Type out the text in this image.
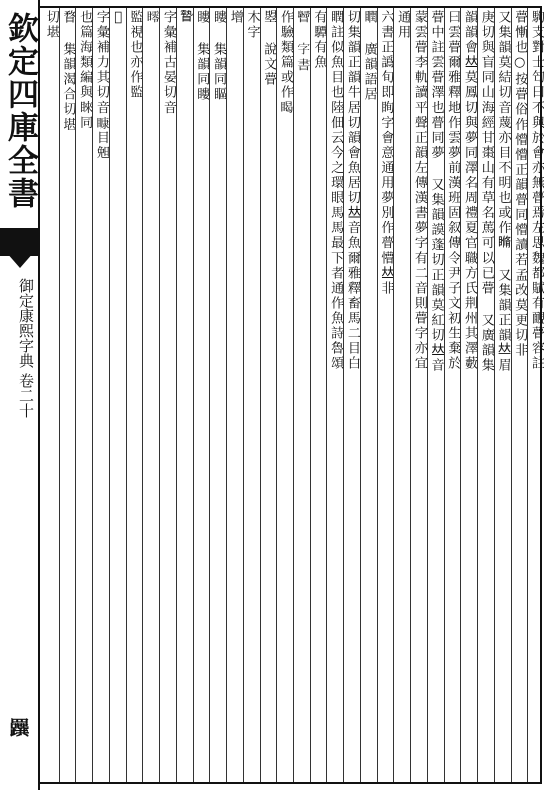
欽定四庫全書
御定康熙字典 卷二十
𦍂
駒支對士匄曰不與於會亦無瞢焉左思魏都賦有靦瞢容註
瞢慚也○按瞢俗作懵懵正韻瞢同懵讀若孟改莫更切非
又集韻莫結切音蔑亦目不明也或作𥉈 又集韻正韻𠀤眉
庚切與盲同山海經甘棗山有草名䔍可以已瞢 又廣韻集
韻韻會𠀤莫鳳切與夢同澤名周禮夏官職方氏荆州其澤藪
曰雲瞢爾雅釋地作雲夢前漢班固叙傳令尹子文初生棄於
瞢中註雲瞢澤也瞢同夢 又集韻謨蓬切正韻莫紅切𠀤音
蒙雲瞢李軌讀平聲正韻左傳漢書夢字有二音則瞢字亦宜
通用
六書正譌旬即眴字會意通用夢別作瞢懵𠀤非
瞤 廣韻語居
切集韻正韻牛居切韻會魚居切𠀤音魚爾雅釋畜馬二目白
瞤註似魚目也陸佃云今之環眼馬馬最下者通作魚詩魯頌
有驔有魚
𥍁 字書
作驗類篇或作𥈎
曌 說文瞢
木字
增
瞜 集韻同瞘
瞜 集韻同瞜
𥊍
字彙補古晏切音
𥋞
監視也亦作監
𥊝
字彙補力其切音𥉽目𣆶
也篇海類編與睞同
瞀 集韻渴合切堪
切堪
